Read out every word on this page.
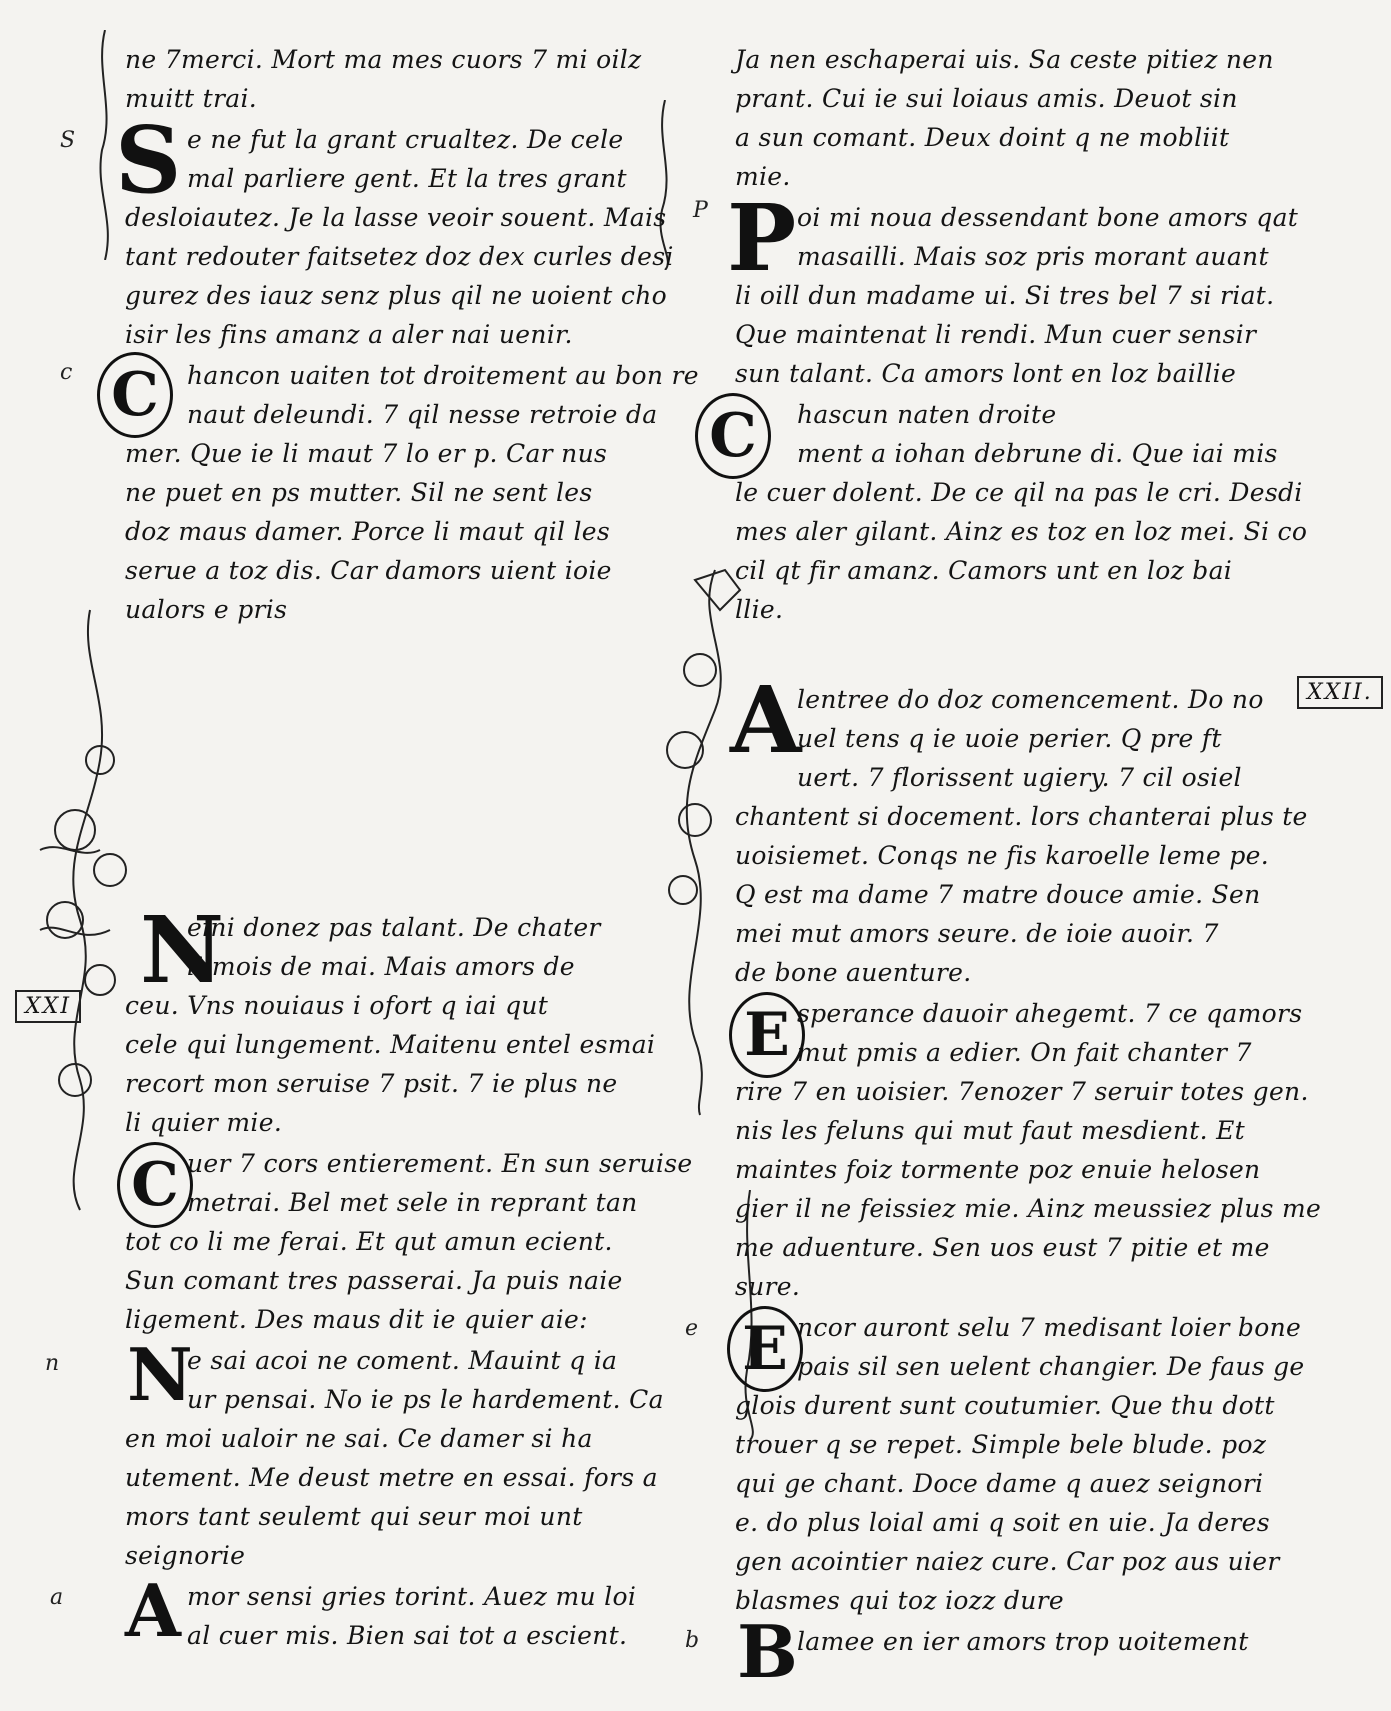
S
c
P
XXI
XXII.
ne 7merci. Mort ma mes cuors 7 mi oilz
muitt trai.
S e ne fut la grant crualtez. De cele
mal parliere gent. Et la tres grant
desloiautez. Je la lasse veoir souent. Mais
tant redouter faitsetez doz dex curles desi
gurez des iauz senz plus qil ne uoient cho
isir les fins amanz a aler nai uenir.
C	hancon uaiten tot droitement au bon re
naut deleundi. 7 qil nesse retroie da
mer. Que ie li maut 7 lo er p. Car nus
ne puet en ps mutter. Sil ne sent les
doz maus damer. Porce li maut qil les
serue a toz dis. Car damors uient ioie
ualors e pris
Ja nen eschaperai uis. Sa ceste pitiez nen
prant. Cui ie sui loiaus amis. Deuot sin
a sun comant. Deux doint q ne mobliit
mie.
P oi mi noua dessendant bone amors qat
masailli. Mais soz pris morant auant
li oill dun madame ui. Si tres bel 7 si riat.
Que maintenat li rendi. Mun cuer sensir
sun talant. Ca amors lont en loz baillie
C	hascun naten droite
ment a iohan debrune di. Que iai mis
le cuer dolent. De ce qil na pas le cri. Desdi
mes aler gilant. Ainz es toz en loz mei. Si co
cil qt fir amanz. Camors unt en loz bai
llie.
N
eini donez pas talant. De chater
li mois de mai. Mais amors de
ceu. Vns nouiaus i ofort q iai qut
cele qui lungement. Maitenu entel esmai
recort mon seruise 7 psit. 7 ie plus ne
li quier mie.
C uer 7 cors entierement. En sun seruise
metrai. Bel met sele in reprant tan
tot co li me ferai. Et qut amun ecient.
Sun comant tres passerai. Ja puis naie
ligement. Des maus dit ie quier aie:
n N
e sai acoi ne coment. Mauint q ia
ur pensai. No ie ps le hardement. Ca
en moi ualoir ne sai. Ce damer si ha
utement. Me deust metre en essai. fors a
mors tant seulemt qui seur moi unt
seignorie
a A mor sensi gries torint. Auez mu loi
al cuer mis. Bien sai tot a escient.
A
lentree do doz comencement. Do no
uel tens q ie uoie perier. Q pre ft
uert. 7 florissent ugiery. 7 cil osiel
chantent si docement. lors chanterai plus te
uoisiemet. Conqs ne fis karoelle leme pe.
Q est ma dame 7 matre douce amie. Sen
mei mut amors seure. de ioie auoir. 7
de bone auenture.
E sperance dauoir ahegemt. 7 ce qamors
mut pmis a edier. On fait chanter 7
rire 7 en uoisier. 7enozer 7 seruir totes gen.
nis les feluns qui mut faut mesdient. Et
maintes foiz tormente poz enuie helosen
gier il ne feissiez mie. Ainz meussiez plus me
me aduenture. Sen uos eust 7 pitie et me
sure.
e E ncor auront selu 7 medisant loier bone
pais sil sen uelent changier. De faus ge
glois durent sunt coutumier. Que thu dott
trouer q se repet. Simple bele blude. poz
qui ge chant. Doce dame q auez seignori
e. do plus loial ami q soit en uie. Ja deres
gen acointier naiez cure. Car poz aus uier
blasmes qui toz iozz dure
b B lamee en ier amors trop uoitement
